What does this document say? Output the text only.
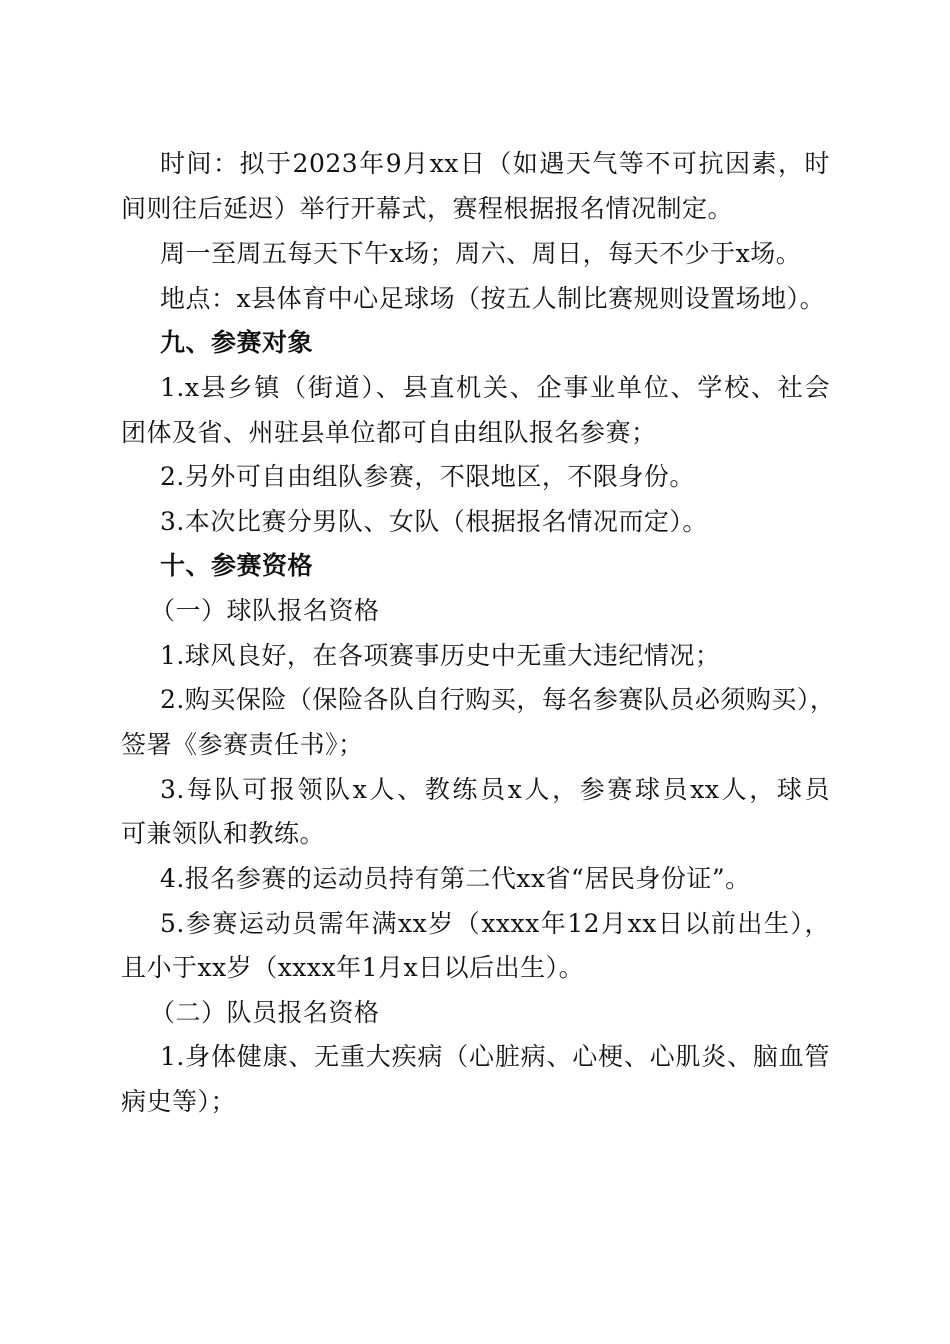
时间：拟于2023年9月xx日（如遇天气等不可抗因素，时
间则往后延迟）举行开幕式，赛程根据报名情况制定。
周一至周五每天下午x场；周六、周日，每天不少于x场。
地点：x县体育中心足球场（按五人制比赛规则设置场地）。
九、参赛对象
1.x县乡镇（街道）、县直机关、企事业单位、学校、社会
团体及省、州驻县单位都可自由组队报名参赛；
2.另外可自由组队参赛，不限地区，不限身份。
3.本次比赛分男队、女队（根据报名情况而定）。
十、参赛资格
（一）球队报名资格
1.球风良好，在各项赛事历史中无重大违纪情况；
2.购买保险（保险各队自行购买，每名参赛队员必须购买），
签署《参赛责任书》；
3.每队可报领队x人、教练员x人，参赛球员xx人，球员
可兼领队和教练。
4.报名参赛的运动员持有第二代xx省“居民身份证”。
5.参赛运动员需年满xx岁（xxxx年12月xx日以前出生），
且小于xx岁（xxxx年1月x日以后出生）。
（二）队员报名资格
1.身体健康、无重大疾病（心脏病、心梗、心肌炎、脑血管
病史等）；
